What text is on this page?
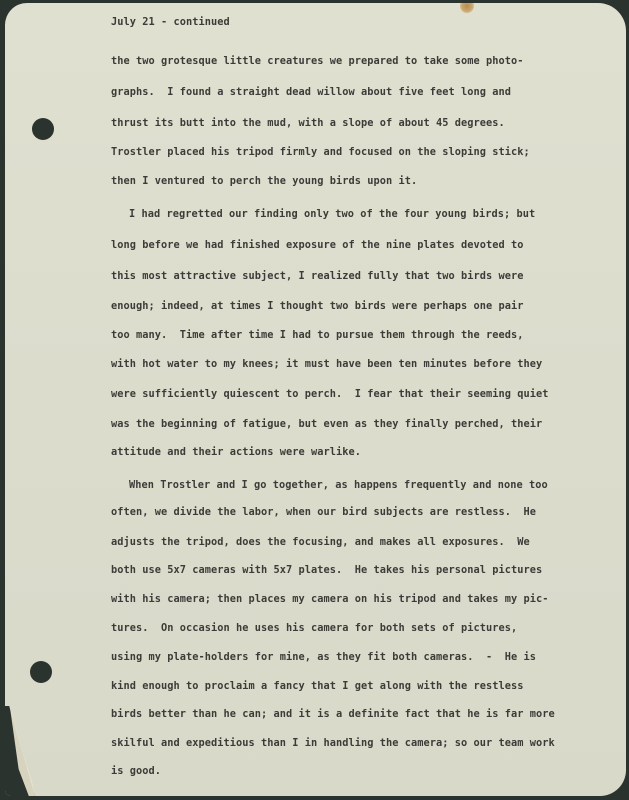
July 21 - continued
the two grotesque little creatures we prepared to take some photo-
graphs.  I found a straight dead willow about five feet long and
thrust its butt into the mud, with a slope of about 45 degrees.
Trostler placed his tripod firmly and focused on the sloping stick;
then I ventured to perch the young birds upon it.
I had regretted our finding only two of the four young birds; but
long before we had finished exposure of the nine plates devoted to
this most attractive subject, I realized fully that two birds were
enough; indeed, at times I thought two birds were perhaps one pair
too many.  Time after time I had to pursue them through the reeds,
with hot water to my knees; it must have been ten minutes before they
were sufficiently quiescent to perch.  I fear that their seeming quiet
was the beginning of fatigue, but even as they finally perched, their
attitude and their actions were warlike.
When Trostler and I go together, as happens frequently and none too
often, we divide the labor, when our bird subjects are restless.  He
adjusts the tripod, does the focusing, and makes all exposures.  We
both use 5x7 cameras with 5x7 plates.  He takes his personal pictures
with his camera; then places my camera on his tripod and takes my pic-
tures.  On occasion he uses his camera for both sets of pictures,
using my plate-holders for mine, as they fit both cameras.  -  He is
kind enough to proclaim a fancy that I get along with the restless
birds better than he can; and it is a definite fact that he is far more
skilful and expeditious than I in handling the camera; so our team work
is good.
